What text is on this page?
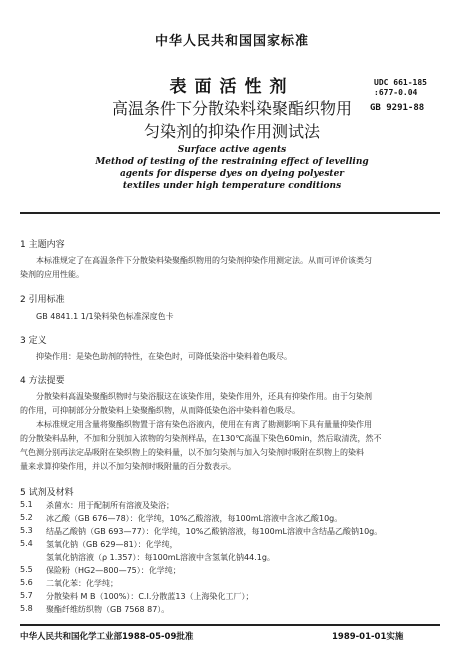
中华人民共和国国家标准
表面活性剂
高温条件下分散染料染聚酯织物用
匀染剂的抑染作用测试法
UDC 661-185
:677-0.04
GB 9291-88
Surface active agents
Method of testing of the restraining effect of levelling
agents for disperse dyes on dyeing polyester
textiles under high temperature conditions
1 主题内容
本标准规定了在高温条件下分散染料染聚酯织物用的匀染剂抑染作用测定法。从而可评价该类匀
染剂的应用性能。
2 引用标准
GB 4841.1 1/1染料染色标准深度色卡
3 定义
抑染作用：是染色助剂的特性，在染色时，可降低染浴中染料着色吸尽。
4 方法提要
分散染料高温染聚酯织物时与染浴服这在该染作用，染染作用外，还具有抑染作用。由于匀染剂
的作用，可抑制部分分散染料上染聚酯织物，从而降低染色浴中染料着色吸尽。
本标准规定用含量将聚酯织物置于溶有染色浴液内，使用在有离了勘测影响下具有量量抑染作用
的分散染料品种，不加和分别加入浓物的匀染剂样品，在130℃高温下染色60min，然后取清洗，然不
气色测分别再法定品吸附在染织物上的染料量，以不加匀染剂与加入匀染剂时吸附在织物上的染料
量来求算抑染作用，并以不加匀染剂时吸附量的百分数表示。
5 试剂及材料
5.1 杀菌水：用于配制所有溶液及染浴；
5.2 冰乙酸（GB 676—78）：化学纯，10%乙酸溶液，每100mL溶液中含冰乙酸10g。
5.3 结晶乙酸钠（GB 693—77）：化学纯，10%乙酸钠溶液，每100mL溶液中含结晶乙酸钠10g。
5.4 氢氧化钠（GB 629—81）：化学纯，
氢氧化钠溶液（ρ 1.357）：每100mL溶液中含氢氧化钠44.1g。
5.5 保险粉（HG2—800—75）：化学纯；
5.6 二氧化苯：化学纯；
5.7 分散染料 M B（100%）：C.I.分散蓝13（上海染化工厂）；
中华人民共和国化学工业部1988-05-09批准	1989-01-01实施
5.8 聚酯纤维纺织物（GB 7568 87）。
